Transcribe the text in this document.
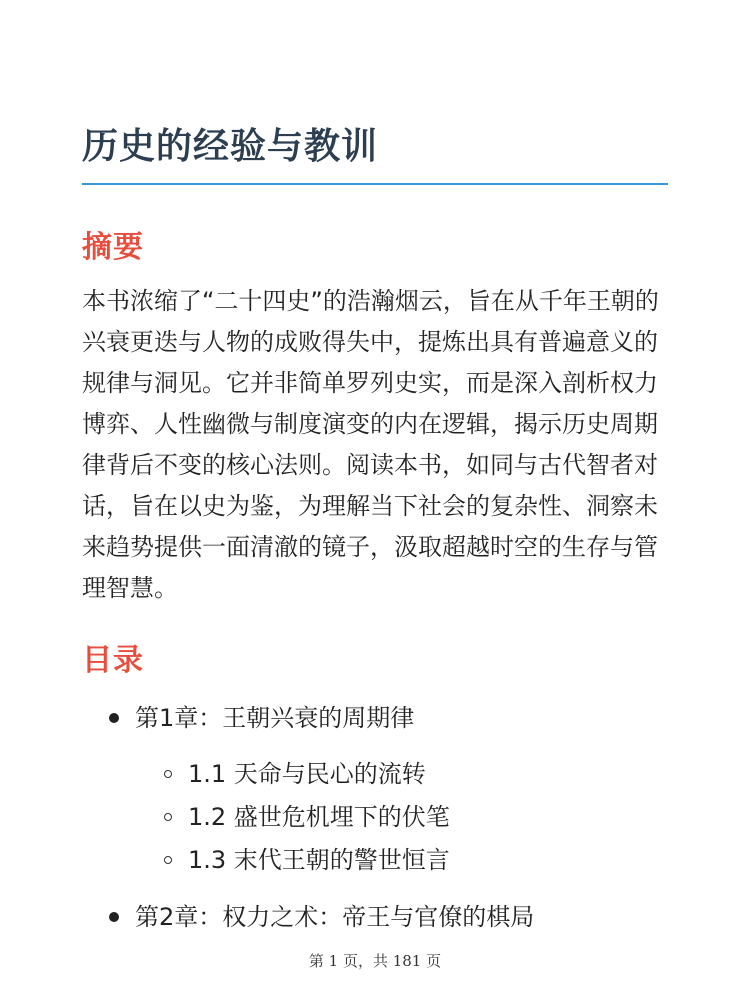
历史的经验与教训
摘要

本书浓缩了“二十四史”的浩瀚烟云，旨在从千年王朝的兴衰更迭与人物的成败得失中，提炼出具有普遍意义的规律与洞见。它并非简单罗列史实，而是深入剖析权力博弈、人性幽微与制度演变的内在逻辑，揭示历史周期律背后不变的核心法则。阅读本书，如同与古代智者对话，旨在以史为鉴，为理解当下社会的复杂性、洞察未来趋势提供一面清澈的镜子，汲取超越时空的生存与管理智慧。

目录
第1章：王朝兴衰的周期律
1.1 天命与民心的流转
1.2 盛世危机埋下的伏笔
1.3 末代王朝的警世恒言
第2章：权力之术：帝王与官僚的棋局
第 1 页，共 181 页
